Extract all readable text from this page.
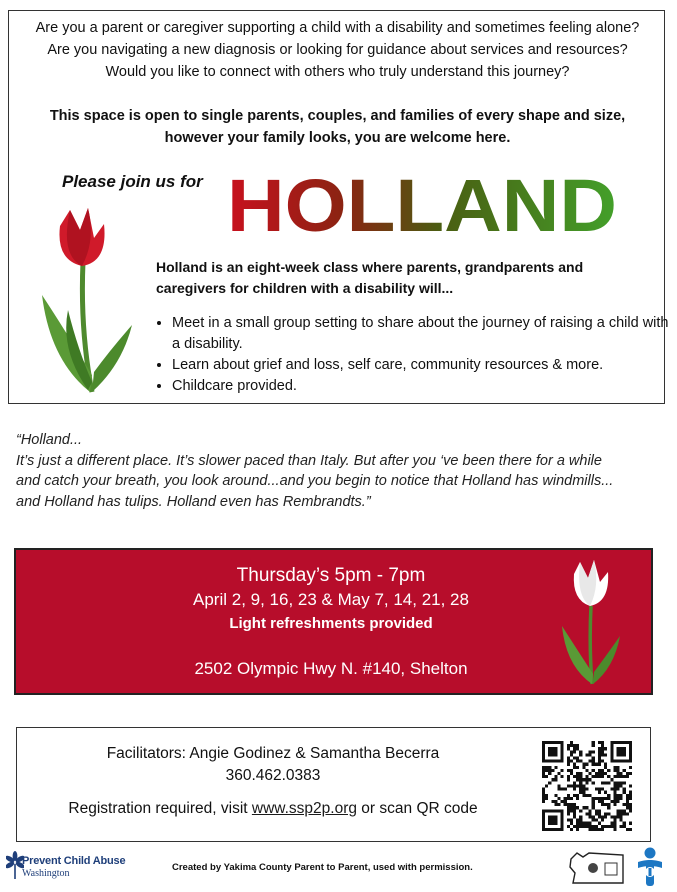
Are you a parent or caregiver supporting a child with a disability and sometimes feeling alone?
Are you navigating a new diagnosis or looking for guidance about services and resources?
Would you like to connect with others who truly understand this journey?
This space is open to single parents, couples, and families of every shape and size,
however your family looks, you are welcome here.
Please join us for HOLLAND
Holland is an eight-week class where parents, grandparents and
caregivers for children with a disability will...
• Meet in a small group setting to share about the journey of raising a child with a disability.
• Learn about grief and loss, self care, community resources & more.
• Childcare provided.
“Holland...
It’s just a different place. It’s slower paced than Italy. But after you ‘ve been there for a while
and catch your breath, you look around...and you begin to notice that Holland has windmills...
and Holland has tulips. Holland even has Rembrandts.”
Thursday’s 5pm - 7pm
April 2, 9, 16, 23 & May 7, 14, 21, 28
Light refreshments provided
2502 Olympic Hwy N. #140, Shelton
Facilitators: Angie Godinez & Samantha Becerra
360.462.0383
Registration required, visit www.ssp2p.org or scan QR code
Prevent Child Abuse
Washington
Created by Yakima County Parent to Parent, used with permission.
